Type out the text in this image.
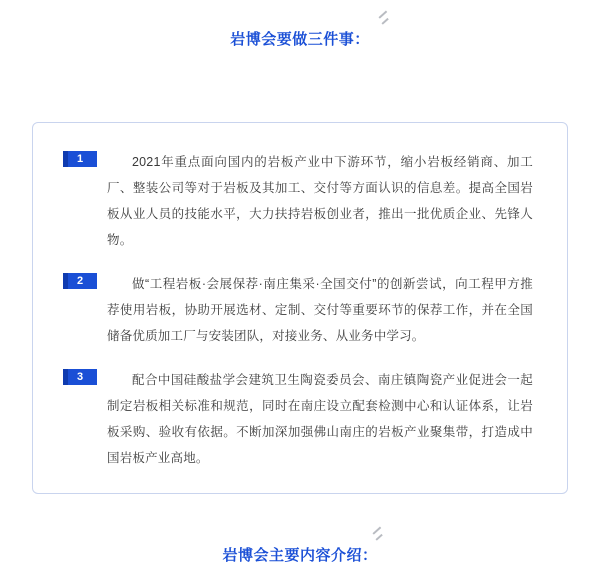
岩博会要做三件事：
1	2021年重点面向国内的岩板产业中下游环节，缩小岩板经销商、加工厂、整装公司等对于岩板及其加工、交付等方面认识的信息差。提高全国岩板从业人员的技能水平，大力扶持岩板创业者，推出一批优质企业、先锋人物。
2	做“工程岩板·会展保荐·南庄集采·全国交付”的创新尝试，向工程甲方推荐使用岩板，协助开展选材、定制、交付等重要环节的保荐工作，并在全国储备优质加工厂与安装团队，对接业务、从业务中学习。
3	配合中国硅酸盐学会建筑卫生陶瓷委员会、南庄镇陶瓷产业促进会一起制定岩板相关标准和规范，同时在南庄设立配套检测中心和认证体系，让岩板采购、验收有依据。不断加深加强佛山南庄的岩板产业聚集带，打造成中国岩板产业高地。
岩博会主要内容介绍：
